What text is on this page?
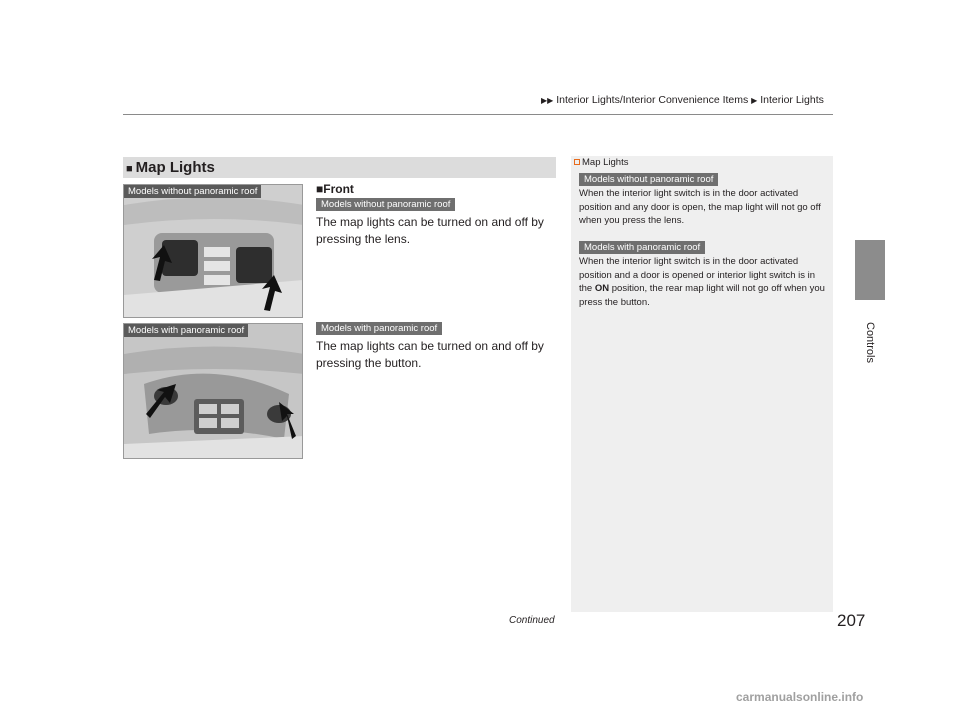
▶▶ Interior Lights/Interior Convenience Items ▶ Interior Lights
Controls
■ Map Lights
Models without panoramic roof
Models with panoramic roof
■Front
Models without panoramic roof
The map lights can be turned on and off by pressing the lens.
Models with panoramic roof
The map lights can be turned on and off by pressing the button.
Map Lights
Models without panoramic roof
When the interior light switch is in the door activated position and any door is open, the map light will not go off when you press the lens.
Models with panoramic roof
When the interior light switch is in the door activated position and a door is opened or interior light switch is in the ON position, the rear map light will not go off when you press the button.
Continued	207
carmanualsonline.info
